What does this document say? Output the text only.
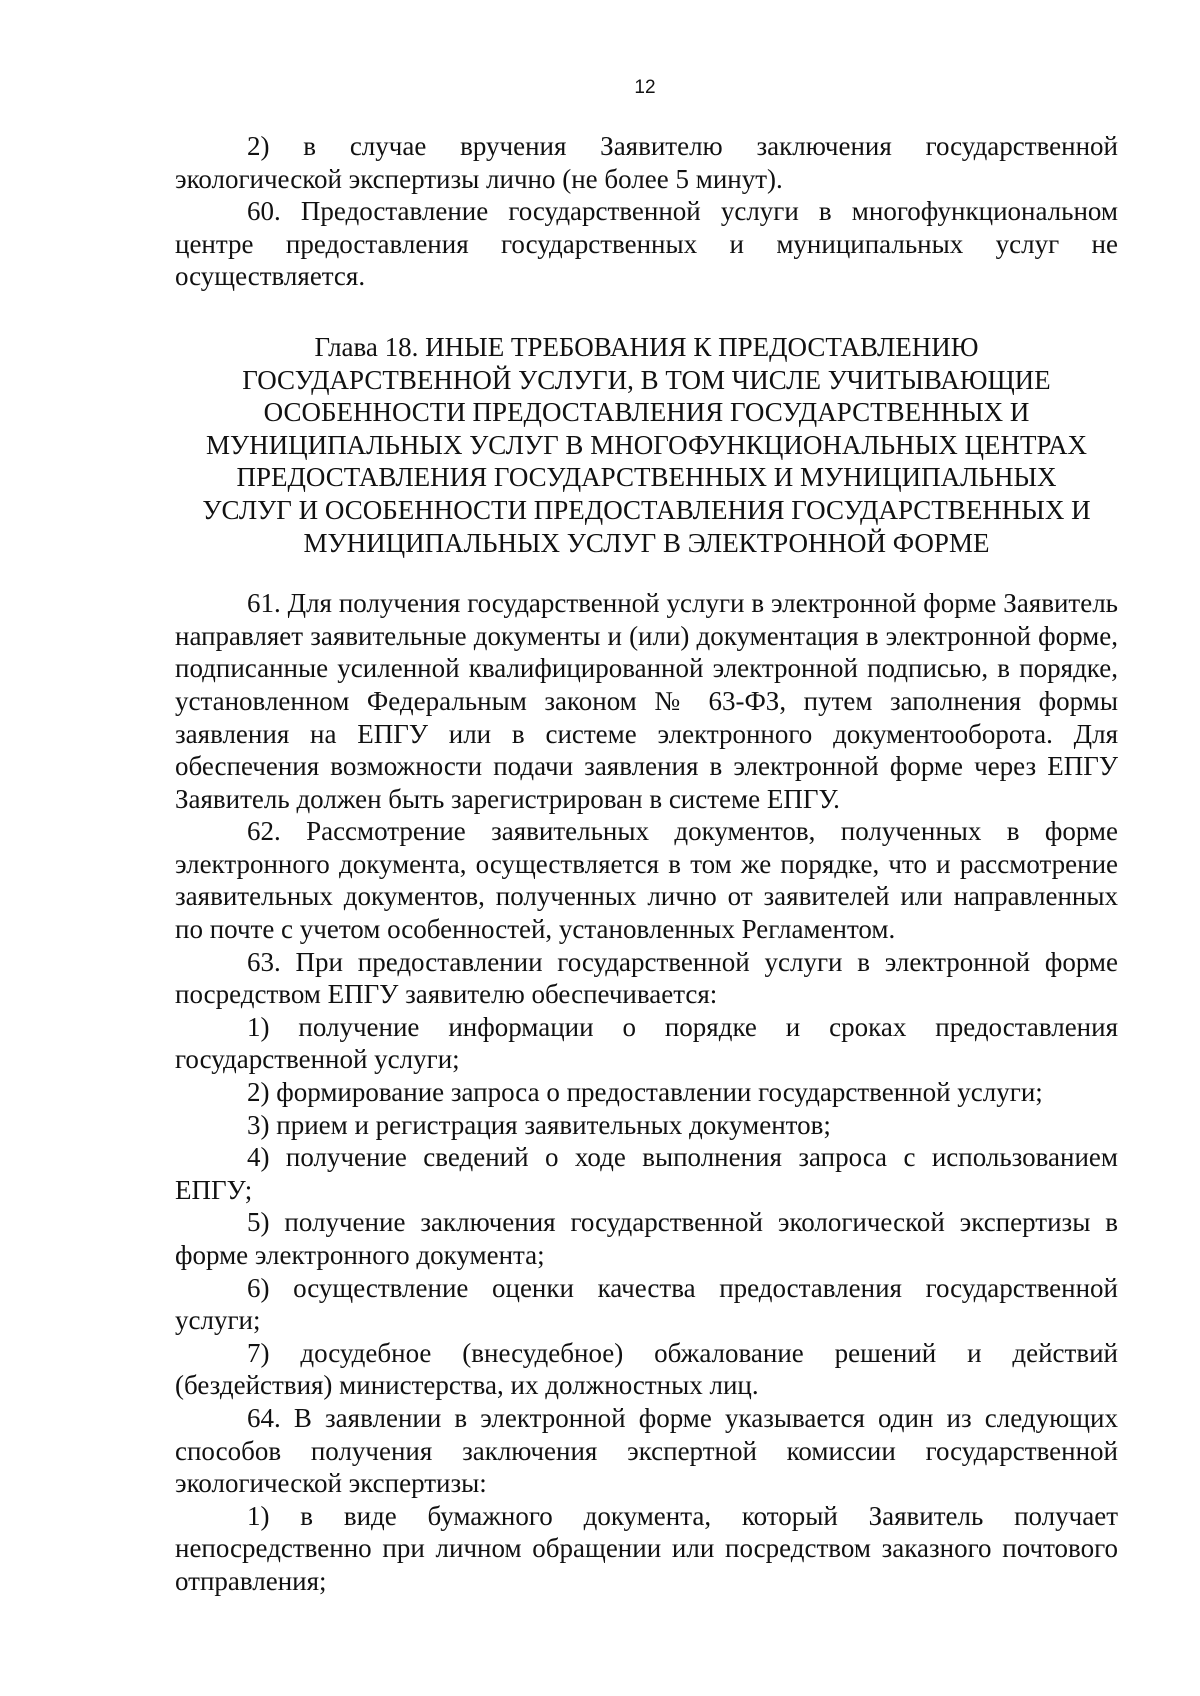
12

2) в случае вручения Заявителю заключения государственной экологической экспертизы лично (не более 5 минут).

60. Предоставление государственной услуги в многофункциональном центре предоставления государственных и муниципальных услуг не осуществляется.

Глава 18. ИНЫЕ ТРЕБОВАНИЯ К ПРЕДОСТАВЛЕНИЮ
ГОСУДАРСТВЕННОЙ УСЛУГИ, В ТОМ ЧИСЛЕ УЧИТЫВАЮЩИЕ
ОСОБЕННОСТИ ПРЕДОСТАВЛЕНИЯ ГОСУДАРСТВЕННЫХ И
МУНИЦИПАЛЬНЫХ УСЛУГ В МНОГОФУНКЦИОНАЛЬНЫХ ЦЕНТРАХ
ПРЕДОСТАВЛЕНИЯ ГОСУДАРСТВЕННЫХ И МУНИЦИПАЛЬНЫХ
УСЛУГ И ОСОБЕННОСТИ ПРЕДОСТАВЛЕНИЯ ГОСУДАРСТВЕННЫХ И
МУНИЦИПАЛЬНЫХ УСЛУГ В ЭЛЕКТРОННОЙ ФОРМЕ

61. Для получения государственной услуги в электронной форме Заявитель направляет заявительные документы и (или) документация в электронной форме, подписанные усиленной квалифицированной электронной подписью, в порядке, установленном Федеральным законом № 63-ФЗ, путем заполнения формы заявления на ЕПГУ или в системе электронного документооборота. Для обеспечения возможности подачи заявления в электронной форме через ЕПГУ Заявитель должен быть зарегистрирован в системе ЕПГУ.

62. Рассмотрение заявительных документов, полученных в форме электронного документа, осуществляется в том же порядке, что и рассмотрение заявительных документов, полученных лично от заявителей или направленных по почте с учетом особенностей, установленных Регламентом.

63. При предоставлении государственной услуги в электронной форме посредством ЕПГУ заявителю обеспечивается:

1) получение информации о порядке и сроках предоставления государственной услуги;

2) формирование запроса о предоставлении государственной услуги;

3) прием и регистрация заявительных документов;

4) получение сведений о ходе выполнения запроса с использованием ЕПГУ;

5) получение заключения государственной экологической экспертизы в форме электронного документа;

6) осуществление оценки качества предоставления государственной услуги;

7) досудебное (внесудебное) обжалование решений и действий (бездействия) министерства, их должностных лиц.

64. В заявлении в электронной форме указывается один из следующих способов получения заключения экспертной комиссии государственной экологической экспертизы:

1) в виде бумажного документа, который Заявитель получает непосредственно при личном обращении или посредством заказного почтового отправления;
